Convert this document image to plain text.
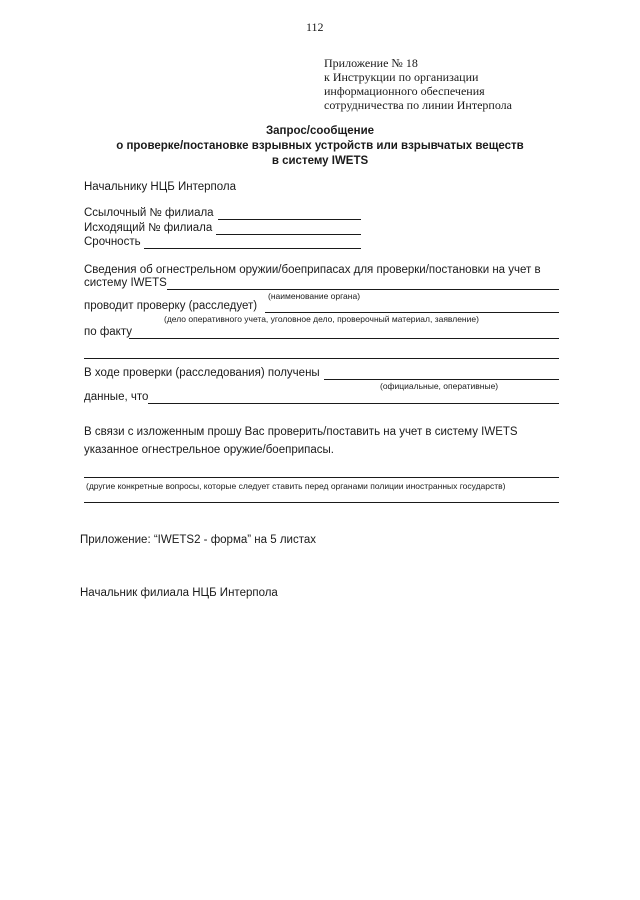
112
Приложение № 18
к Инструкции по организации
информационного обеспечения
сотрудничества по линии Интерпола
Запрос/сообщение
о проверке/постановке взрывных устройств или взрывчатых веществ
в систему IWETS
Начальнику НЦБ Интерпола
Ссылочный № филиала
Исходящий № филиала
Срочность
Сведения об огнестрельном оружии/боеприпасах для проверки/постановки на учет в
систему IWETS
(наименование органа)
проводит проверку (расследует)
(дело оперативного учета, уголовное дело, проверочный материал, заявление)
по факту
В ходе проверки (расследования) получены
(официальные, оперативные)
данные, что
В связи с изложенным прошу Вас проверить/поставить на учет в систему IWETS
указанное огнестрельное оружие/боеприпасы.
(другие конкретные вопросы, которые следует ставить перед органами полиции иностранных государств)
Приложение: “IWETS2 - форма” на 5 листах
Начальник филиала НЦБ Интерпола
